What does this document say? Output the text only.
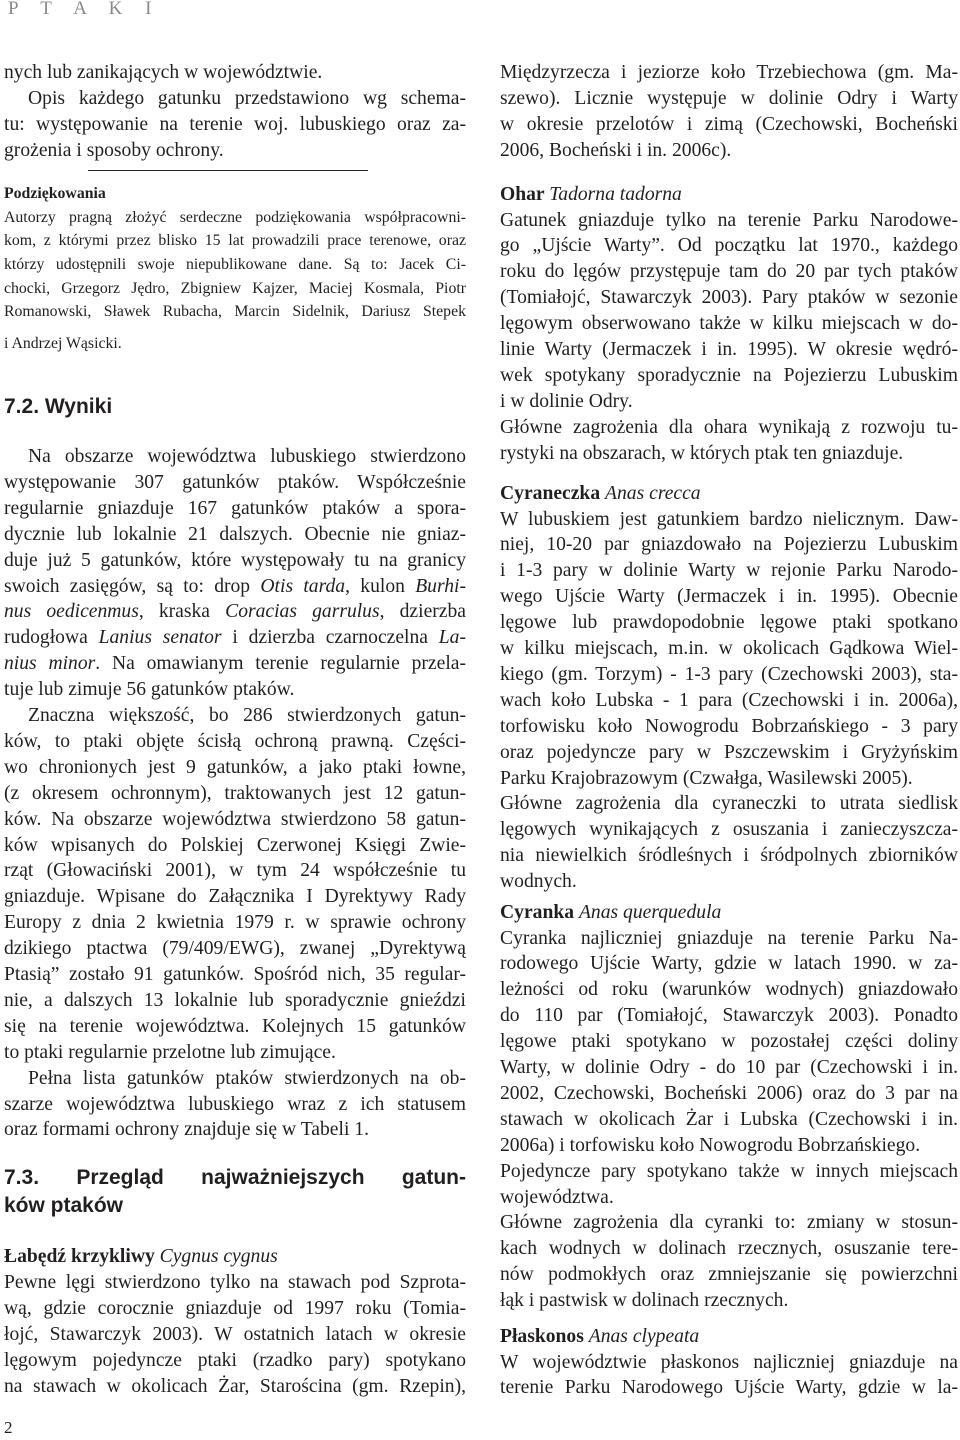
P T A K I
nych lub zanikających w województwie.
Opis każdego gatunku przedstawiono wg schema-
tu: występowanie na terenie woj. lubuskiego oraz za-
grożenia i sposoby ochrony.
Podziękowania
Autorzy pragną złożyć serdeczne podziękowania współpracowni-
kom, z którymi przez blisko 15 lat prowadzili prace terenowe, oraz
którzy udostępnili swoje niepublikowane dane. Są to: Jacek Ci-
chocki, Grzegorz Jędro, Zbigniew Kajzer, Maciej Kosmala, Piotr
Romanowski, Sławek Rubacha, Marcin Sidelnik, Dariusz Stepek
i Andrzej Wąsicki.
7.2. Wyniki
Na obszarze województwa lubuskiego stwierdzono
występowanie 307 gatunków ptaków. Współcześnie
regularnie gniazduje 167 gatunków ptaków a spora-
dycznie lub lokalnie 21 dalszych. Obecnie nie gniaz-
duje już 5 gatunków, które występowały tu na granicy
swoich zasięgów, są to: drop Otis tarda, kulon Burhi-
nus oedicenmus, kraska Coracias garrulus, dzierzba
rudogłowa Lanius senator i dzierzba czarnoczelna La-
nius minor. Na omawianym terenie regularnie przela-
tuje lub zimuje 56 gatunków ptaków.
Znaczna większość, bo 286 stwierdzonych gatun-
ków, to ptaki objęte ścisłą ochroną prawną. Części-
wo chronionych jest 9 gatunków, a jako ptaki łowne,
(z okresem ochronnym), traktowanych jest 12 gatun-
ków. Na obszarze województwa stwierdzono 58 gatun-
ków wpisanych do Polskiej Czerwonej Księgi Zwie-
rząt (Głowaciński 2001), w tym 24 współcześnie tu
gniazduje. Wpisane do Załącznika I Dyrektywy Rady
Europy z dnia 2 kwietnia 1979 r. w sprawie ochrony
dzikiego ptactwa (79/409/EWG), zwanej „Dyrektywą
Ptasią” zostało 91 gatunków. Spośród nich, 35 regular-
nie, a dalszych 13 lokalnie lub sporadycznie gnieździ
się na terenie województwa. Kolejnych 15 gatunków
to ptaki regularnie przelotne lub zimujące.
Pełna lista gatunków ptaków stwierdzonych na ob-
szarze województwa lubuskiego wraz z ich statusem
oraz formami ochrony znajduje się w Tabeli 1.
7.3. Przegląd najważniejszych gatun-
ków ptaków
Łabędź krzykliwy Cygnus cygnus
Pewne lęgi stwierdzono tylko na stawach pod Szprota-
wą, gdzie corocznie gniazduje od 1997 roku (Tomia-
łojć, Stawarczyk 2003). W ostatnich latach w okresie
lęgowym pojedyncze ptaki (rzadko pary) spotykano
na stawach w okolicach Żar, Starościna (gm. Rzepin),
Międzyrzecza i jeziorze koło Trzebiechowa (gm. Ma-
szewo). Licznie występuje w dolinie Odry i Warty
w okresie przelotów i zimą (Czechowski, Bocheński
2006, Bocheński i in. 2006c).
Ohar Tadorna tadorna
Gatunek gniazduje tylko na terenie Parku Narodowe-
go „Ujście Warty”. Od początku lat 1970., każdego
roku do lęgów przystępuje tam do 20 par tych ptaków
(Tomiałojć, Stawarczyk 2003). Pary ptaków w sezonie
lęgowym obserwowano także w kilku miejscach w do-
linie Warty (Jermaczek i in. 1995). W okresie wędró-
wek spotykany sporadycznie na Pojezierzu Lubuskim
i w dolinie Odry.
Główne zagrożenia dla ohara wynikają z rozwoju tu-
rystyki na obszarach, w których ptak ten gniazduje.
Cyraneczka Anas crecca
W lubuskiem jest gatunkiem bardzo nielicznym. Daw-
niej, 10-20 par gniazdowało na Pojezierzu Lubuskim
i 1-3 pary w dolinie Warty w rejonie Parku Narodo-
wego Ujście Warty (Jermaczek i in. 1995). Obecnie
lęgowe lub prawdopodobnie lęgowe ptaki spotkano
w kilku miejscach, m.in. w okolicach Gądkowa Wiel-
kiego (gm. Torzym) - 1-3 pary (Czechowski 2003), sta-
wach koło Lubska - 1 para (Czechowski i in. 2006a),
torfowisku koło Nowogrodu Bobrzańskiego - 3 pary
oraz pojedyncze pary w Pszczewskim i Gryżyńskim
Parku Krajobrazowym (Czwałga, Wasilewski 2005).
Główne zagrożenia dla cyraneczki to utrata siedlisk
lęgowych wynikających z osuszania i zanieczyszcza-
nia niewielkich śródleśnych i śródpolnych zbiorników
wodnych.
Cyranka Anas querquedula
Cyranka najliczniej gniazduje na terenie Parku Na-
rodowego Ujście Warty, gdzie w latach 1990. w za-
leżności od roku (warunków wodnych) gniazdowało
do 110 par (Tomiałojć, Stawarczyk 2003). Ponadto
lęgowe ptaki spotykano w pozostałej części doliny
Warty, w dolinie Odry - do 10 par (Czechowski i in.
2002, Czechowski, Bocheński 2006) oraz do 3 par na
stawach w okolicach Żar i Lubska (Czechowski i in.
2006a) i torfowisku koło Nowogrodu Bobrzańskiego.
Pojedyncze pary spotykano także w innych miejscach
województwa.
Główne zagrożenia dla cyranki to: zmiany w stosun-
kach wodnych w dolinach rzecznych, osuszanie tere-
nów podmokłych oraz zmniejszanie się powierzchni
łąk i pastwisk w dolinach rzecznych.
Płaskonos Anas clypeata
W województwie płaskonos najliczniej gniazduje na
terenie Parku Narodowego Ujście Warty, gdzie w la-
2
